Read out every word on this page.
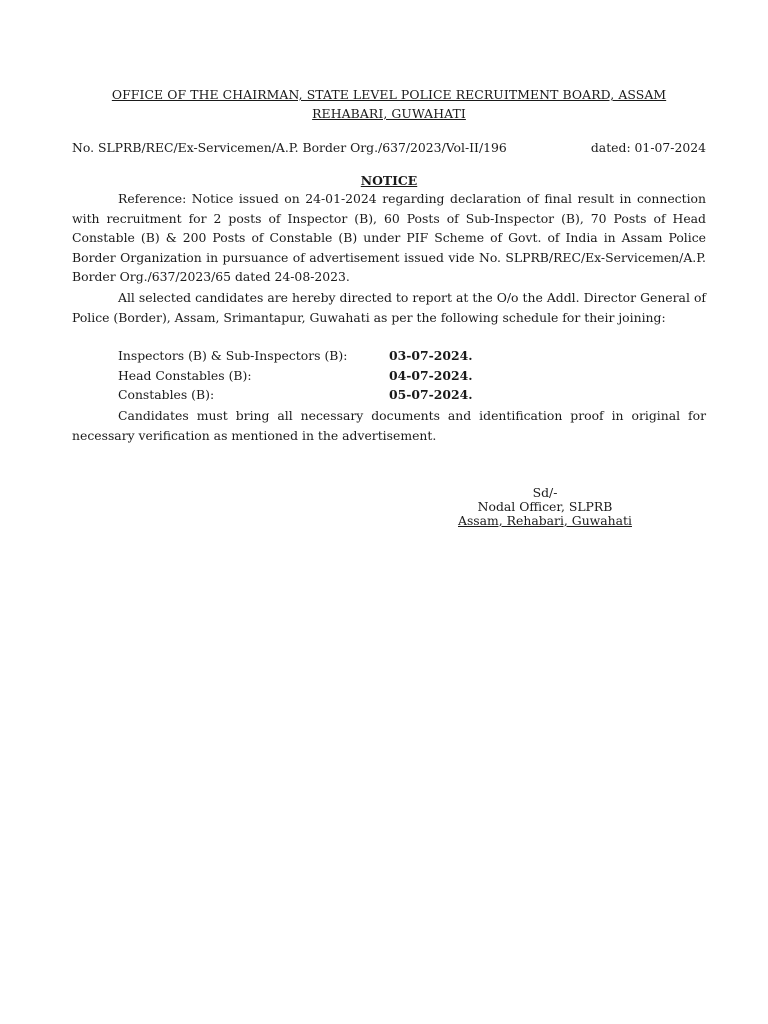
OFFICE OF THE CHAIRMAN, STATE LEVEL POLICE RECRUITMENT BOARD, ASSAM
REHABARI, GUWAHATI
No. SLPRB/REC/Ex-Servicemen/A.P. Border Org./637/2023/Vol-II/196	dated: 01-07-2024
NOTICE
Reference: Notice issued on 24-01-2024 regarding declaration of final result in connection with recruitment for 2 posts of Inspector (B), 60 Posts of Sub-Inspector (B), 70 Posts of Head Constable (B) & 200 Posts of Constable (B) under PIF Scheme of Govt. of India in Assam Police Border Organization in pursuance of advertisement issued vide No. SLPRB/REC/Ex-Servicemen/A.P. Border Org./637/2023/65 dated 24-08-2023.
All selected candidates are hereby directed to report at the O/o the Addl. Director General of Police (Border), Assam, Srimantapur, Guwahati as per the following schedule for their joining:
Inspectors (B) & Sub-Inspectors (B):	03-07-2024.
Head Constables (B):	04-07-2024.
Constables (B):	05-07-2024.
Candidates must bring all necessary documents and identification proof in original for necessary verification as mentioned in the advertisement.
Sd/-
Nodal Officer, SLPRB
Assam, Rehabari, Guwahati
